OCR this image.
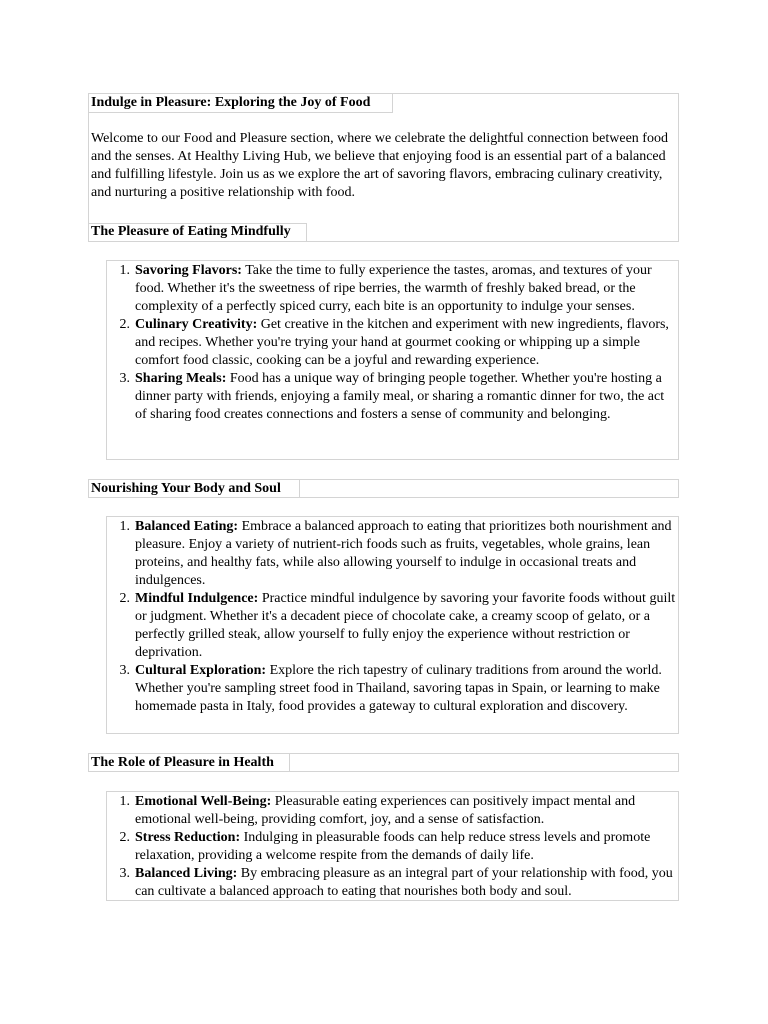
Indulge in Pleasure: Exploring the Joy of Food

Welcome to our Food and Pleasure section, where we celebrate the delightful connection between food and the senses. At Healthy Living Hub, we believe that enjoying food is an essential part of a balanced and fulfilling lifestyle. Join us as we explore the art of savoring flavors, embracing culinary creativity, and nurturing a positive relationship with food.

The Pleasure of Eating Mindfully
1. Savoring Flavors: Take the time to fully experience the tastes, aromas, and textures of your food. Whether it's the sweetness of ripe berries, the warmth of freshly baked bread, or the complexity of a perfectly spiced curry, each bite is an opportunity to indulge your senses.
2. Culinary Creativity: Get creative in the kitchen and experiment with new ingredients, flavors, and recipes. Whether you're trying your hand at gourmet cooking or whipping up a simple comfort food classic, cooking can be a joyful and rewarding experience.
3. Sharing Meals: Food has a unique way of bringing people together. Whether you're hosting a dinner party with friends, enjoying a family meal, or sharing a romantic dinner for two, the act of sharing food creates connections and fosters a sense of community and belonging.
Nourishing Your Body and Soul
1. Balanced Eating: Embrace a balanced approach to eating that prioritizes both nourishment and pleasure. Enjoy a variety of nutrient-rich foods such as fruits, vegetables, whole grains, lean proteins, and healthy fats, while also allowing yourself to indulge in occasional treats and indulgences.
2. Mindful Indulgence: Practice mindful indulgence by savoring your favorite foods without guilt or judgment. Whether it's a decadent piece of chocolate cake, a creamy scoop of gelato, or a perfectly grilled steak, allow yourself to fully enjoy the experience without restriction or deprivation.
3. Cultural Exploration: Explore the rich tapestry of culinary traditions from around the world. Whether you're sampling street food in Thailand, savoring tapas in Spain, or learning to make homemade pasta in Italy, food provides a gateway to cultural exploration and discovery.
The Role of Pleasure in Health
1. Emotional Well-Being: Pleasurable eating experiences can positively impact mental and emotional well-being, providing comfort, joy, and a sense of satisfaction.
2. Stress Reduction: Indulging in pleasurable foods can help reduce stress levels and promote relaxation, providing a welcome respite from the demands of daily life.
3. Balanced Living: By embracing pleasure as an integral part of your relationship with food, you can cultivate a balanced approach to eating that nourishes both body and soul.
